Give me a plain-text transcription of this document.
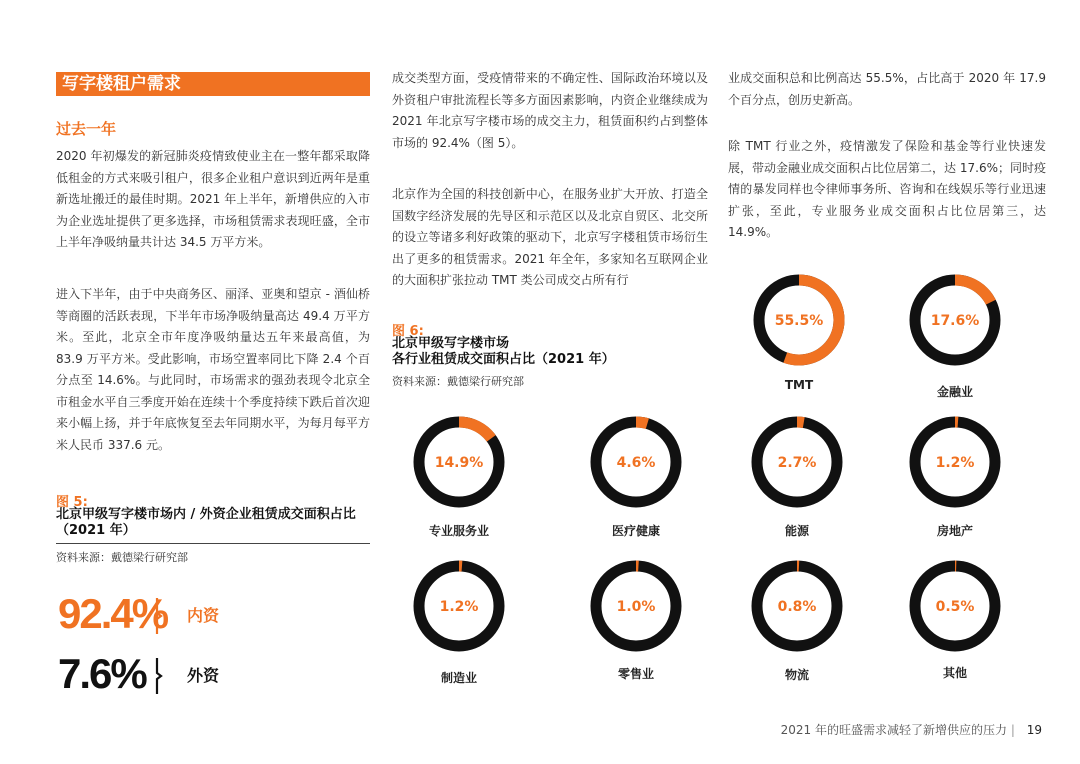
写字楼租户需求
过去一年

2020 年初爆发的新冠肺炎疫情致使业主在一整年都采取降低租金的方式来吸引租户，很多企业租户意识到近两年是重新选址搬迁的最佳时期。2021 年上半年，新增供应的入市为企业选址提供了更多选择，市场租赁需求表现旺盛，全市上半年净吸纳量共计达 34.5 万平方米。

进入下半年，由于中央商务区、丽泽、亚奥和望京 - 酒仙桥等商圈的活跃表现，下半年市场净吸纳量高达 49.4 万平方米。至此，北京全市年度净吸纳量达五年来最高值，为 83.9 万平方米。受此影响，市场空置率同比下降 2.4 个百分点至 14.6%。与此同时，市场需求的强劲表现令北京全市租金水平自三季度开始在连续十个季度持续下跌后首次迎来小幅上扬，并于年底恢复至去年同期水平，为每月每平方米人民币 337.6 元。

图 5:
北京甲级写字楼市场内 / 外资企业租赁成交面积占比（2021 年）
资料来源：戴德梁行研究部
92.4% 内资
7.6%	外资

成交类型方面，受疫情带来的不确定性、国际政治环境以及外资租户审批流程长等多方面因素影响，内资企业继续成为 2021 年北京写字楼市场的成交主力，租赁面积约占到整体市场的 92.4%（图 5）。

北京作为全国的科技创新中心，在服务业扩大开放、打造全国数字经济发展的先导区和示范区以及北京自贸区、北交所的设立等诸多利好政策的驱动下，北京写字楼租赁市场衍生出了更多的租赁需求。2021 年全年，多家知名互联网企业的大面积扩张拉动 TMT 类公司成交占所有行

图 6:
北京甲级写字楼市场
各行业租赁成交面积占比（2021 年）
资料来源：戴德梁行研究部

业成交面积总和比例高达 55.5%，占比高于 2020 年 17.9 个百分点，创历史新高。

除 TMT 行业之外，疫情激发了保险和基金等行业快速发展，带动金融业成交面积占比位居第二，达 17.6%；同时疫情的暴发同样也令律师事务所、咨询和在线娱乐等行业迅速扩张，至此，专业服务业成交面积占比位居第三，达 14.9%。

55.5%
TMT
17.6%
金融业
14.9%
专业服务业
4.6%
医疗健康
2.7%
能源
1.2%
房地产
1.2%
制造业
1.0%
零售业
0.8%
物流
0.5%
其他
2021 年的旺盛需求减轻了新增供应的压力 | 19
